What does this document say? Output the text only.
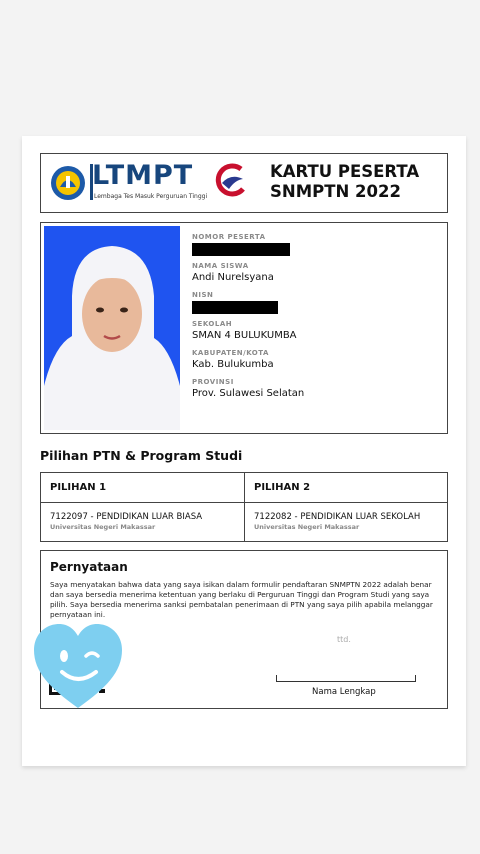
LTMPT
Lembaga Tes Masuk Perguruan Tinggi
KARTU PESERTA
SNMPTN 2022
NOMOR PESERTA
NAMA SISWA
Andi Nurelsyana
NISN
SEKOLAH
SMAN 4 BULUKUMBA
KABUPATEN/KOTA
Kab. Bulukumba
PROVINSI
Prov. Sulawesi Selatan
Pilihan PTN & Program Studi
PILIHAN 1
7122097 - PENDIDIKAN LUAR BIASA
Universitas Negeri Makassar
PILIHAN 2
7122082 - PENDIDIKAN LUAR SEKOLAH
Universitas Negeri Makassar
Pernyataan
Saya menyatakan bahwa data yang saya isikan dalam formulir pendaftaran SNMPTN 2022 adalah benar dan saya bersedia menerima ketentuan yang berlaku di Perguruan Tinggi dan Program Studi yang saya pilih. Saya bersedia menerima sanksi pembatalan penerimaan di PTN yang saya pilih apabila melanggar pernyataan ini.
ttd.
Nama Lengkap
